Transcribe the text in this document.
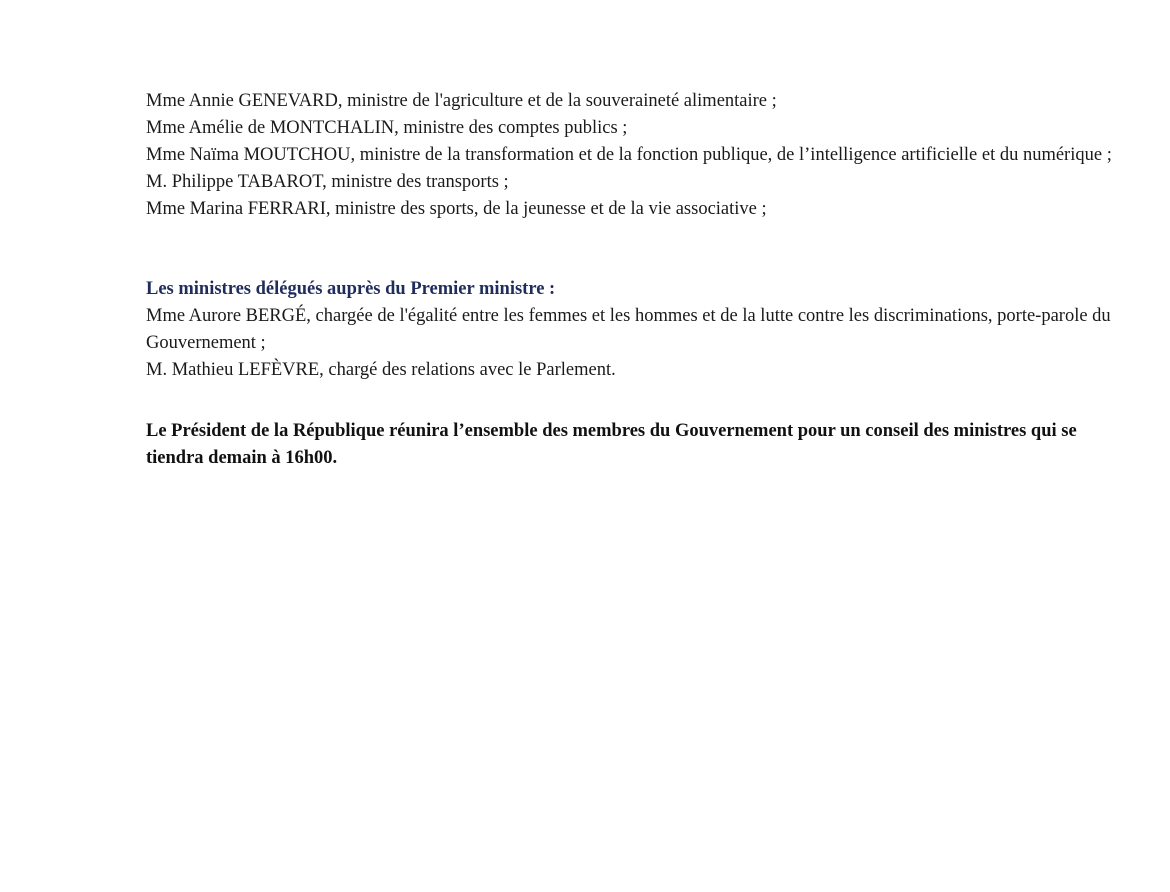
Mme Annie GENEVARD, ministre de l'agriculture et de la souveraineté alimentaire ;

Mme Amélie de MONTCHALIN, ministre des comptes publics ;

Mme Naïma MOUTCHOU, ministre de la transformation et de la fonction publique, de l’intelligence artificielle et du numérique ;

M. Philippe TABAROT, ministre des transports ;

Mme Marina FERRARI, ministre des sports, de la jeunesse et de la vie associative ;

Les ministres délégués auprès du Premier ministre :

Mme Aurore BERGÉ, chargée de l'égalité entre les femmes et les hommes et de la lutte contre les discriminations, porte-parole du Gouvernement ;

M. Mathieu LEFÈVRE, chargé des relations avec le Parlement.

Le Président de la République réunira l’ensemble des membres du Gouvernement pour un conseil des ministres qui se tiendra demain à 16h00.
